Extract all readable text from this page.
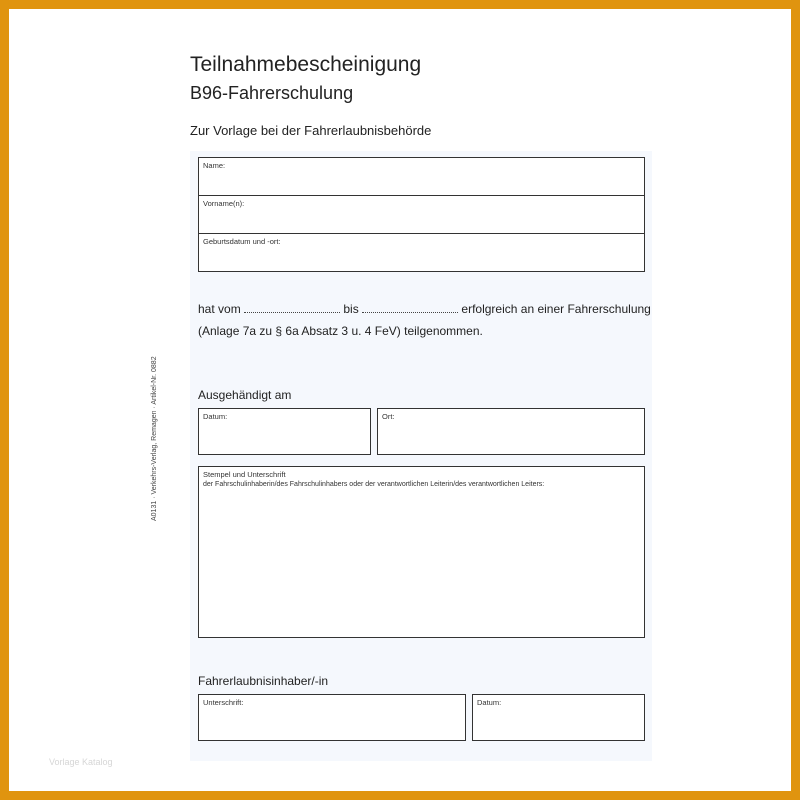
Teilnahmebescheinigung
B96-Fahrerschulung
Zur Vorlage bei der Fahrerlaubnisbehörde
Name:
Vorname(n):
Geburtsdatum und -ort:
hat vom	bis	erfolgreich an einer Fahrerschulung
(Anlage 7a zu § 6a Absatz 3 u. 4 FeV) teilgenommen.
Ausgehändigt am
Datum:	Ort:
Stempel und Unterschrift
der Fahrschulinhaberin/des Fahrschulinhabers oder der verantwortlichen Leiterin/des verantwortlichen Leiters:
Fahrerlaubnisinhaber/-in
Unterschrift:	Datum:
A0131 · Verkehrs-Verlag, Remagen · Artikel-Nr. 0882
Vorlage Katalog
